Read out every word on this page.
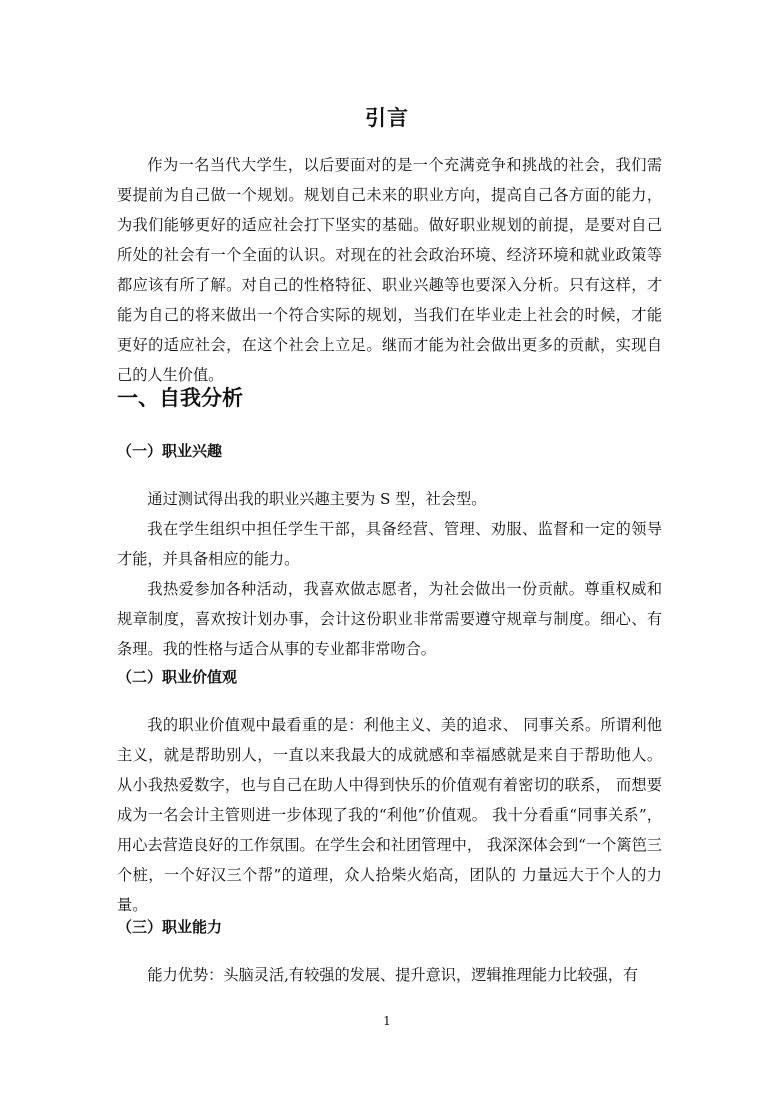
引言

作为一名当代大学生，以后要面对的是一个充满竞争和挑战的社会，我们需要提前为自己做一个规划。规划自己未来的职业方向，提高自己各方面的能力，为我们能够更好的适应社会打下坚实的基础。做好职业规划的前提，是要对自己所处的社会有一个全面的认识。对现在的社会政治环境、经济环境和就业政策等都应该有所了解。对自己的性格特征、职业兴趣等也要深入分析。只有这样，才能为自己的将来做出一个符合实际的规划，当我们在毕业走上社会的时候，才能更好的适应社会，在这个社会上立足。继而才能为社会做出更多的贡献，实现自己的人生价值。

一、自我分析
（一）职业兴趣

通过测试得出我的职业兴趣主要为 S 型，社会型。

我在学生组织中担任学生干部，具备经营、管理、劝服、监督和一定的领导才能，并具备相应的能力。

我热爱参加各种活动，我喜欢做志愿者，为社会做出一份贡献。尊重权威和规章制度，喜欢按计划办事，会计这份职业非常需要遵守规章与制度。细心、有条理。我的性格与适合从事的专业都非常吻合。

（二）职业价值观

我的职业价值观中最看重的是：利他主义、美的追求、 同事关系。所谓利他主义，就是帮助别人，一直以来我最大的成就感和幸福感就是来自于帮助他人。从小我热爱数字，也与自己在助人中得到快乐的价值观有着密切的联系， 而想要成为一名会计主管则进一步体现了我的“利他”价值观。 我十分看重“同事关系”，用心去营造良好的工作氛围。在学生会和社团管理中， 我深深体会到“一个篱笆三个桩，一个好汉三个帮”的道理，众人拾柴火焰高，团队的 力量远大于个人的力量。

（三）职业能力

能力优势：头脑灵活,有较强的发展、提升意识，逻辑推理能力比较强，有

1
